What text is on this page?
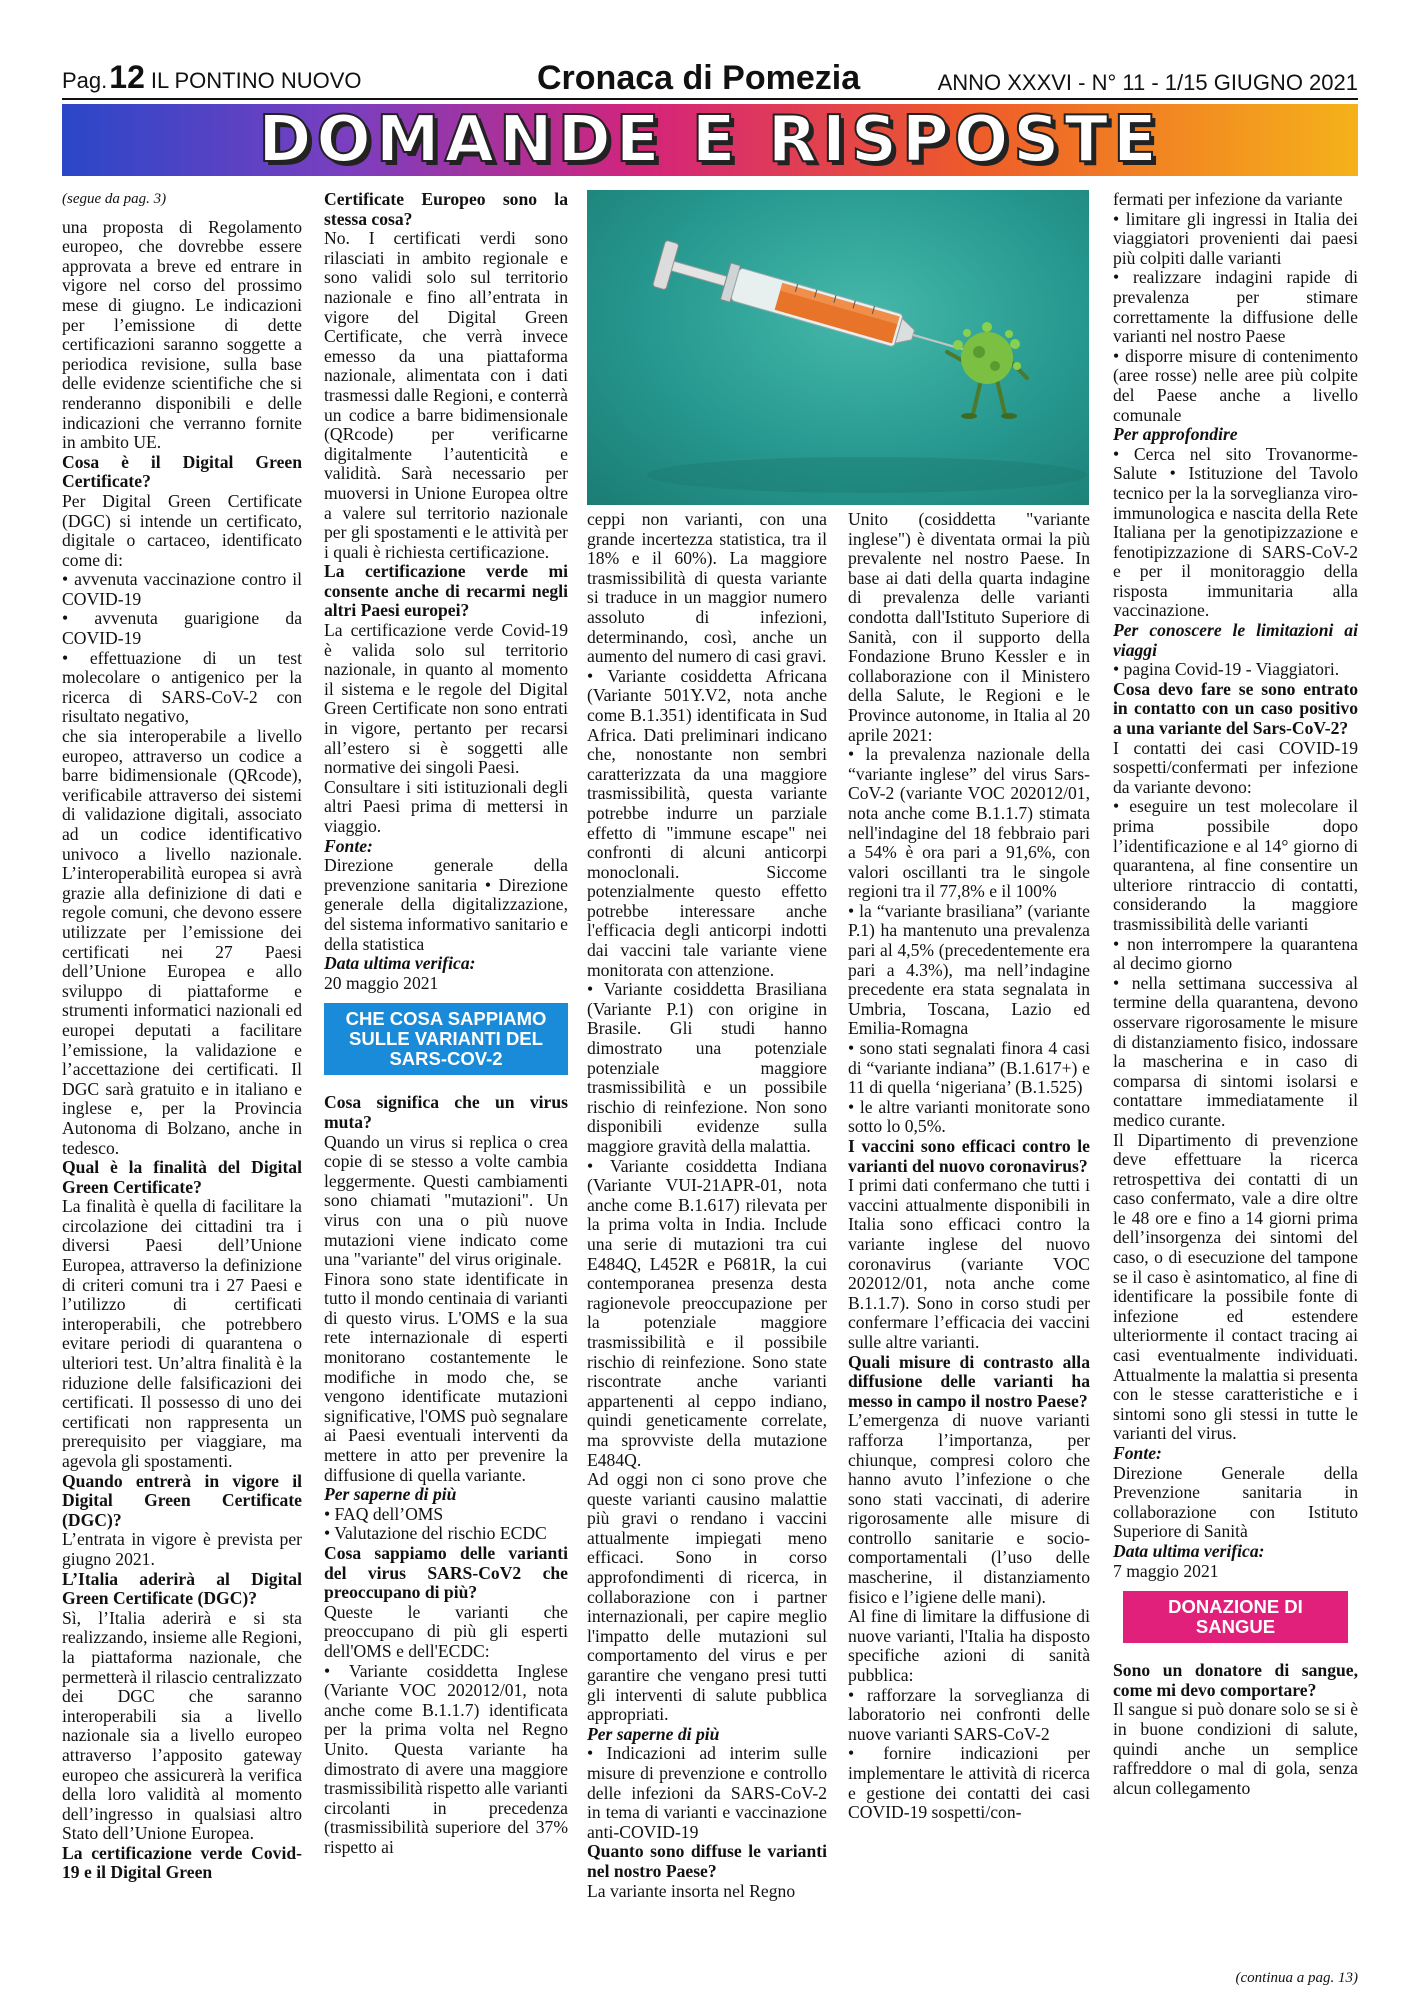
Pag.12 IL PONTINO NUOVO	Cronaca di Pomezia	ANNO XXXVI - N° 11 - 1/15 GIUGNO 2021
DOMANDE E RISPOSTE

(segue da pag. 3)

una proposta di Regolamento europeo, che dovrebbe essere approvata a breve ed entrare in vigore nel corso del prossimo mese di giugno. Le indicazioni per l’emissione di dette certificazioni saranno soggette a periodica revisione, sulla base delle evidenze scientifiche che si renderanno disponibili e delle indicazioni che verranno fornite in ambito UE.

Cosa è il Digital Green Certificate?

Per Digital Green Certificate (DGC) si intende un certificato, digitale o cartaceo, identificato come di:

• avvenuta vaccinazione contro il COVID-19

• avvenuta guarigione da COVID-19

• effettuazione di un test molecolare o antigenico per la ricerca di SARS-CoV-2 con risultato negativo,

che sia interoperabile a livello europeo, attraverso un codice a barre bidimensionale (QRcode), verificabile attraverso dei sistemi di validazione digitali, associato ad un codice identificativo univoco a livello nazionale. L’interoperabilità europea si avrà grazie alla definizione di dati e regole comuni, che devono essere utilizzate per l’emissione dei certificati nei 27 Paesi dell’Unione Europea e allo sviluppo di piattaforme e strumenti informatici nazionali ed europei deputati a facilitare l’emissione, la validazione e l’accettazione dei certificati. Il DGC sarà gratuito e in italiano e inglese e, per la Provincia Autonoma di Bolzano, anche in tedesco.

Qual è la finalità del Digital Green Certificate?

La finalità è quella di facilitare la circolazione dei cittadini tra i diversi Paesi dell’Unione Europea, attraverso la definizione di criteri comuni tra i 27 Paesi e l’utilizzo di certificati interoperabili, che potrebbero evitare periodi di quarantena o ulteriori test. Un’altra finalità è la riduzione delle falsificazioni dei certificati. Il possesso di uno dei certificati non rappresenta un prerequisito per viaggiare, ma agevola gli spostamenti.

Quando entrerà in vigore il Digital Green Certificate (DGC)?

L’entrata in vigore è prevista per giugno 2021.

L’Italia aderirà al Digital Green Certificate (DGC)?

Sì, l’Italia aderirà e si sta realizzando, insieme alle Regioni, la piattaforma nazionale, che permetterà il rilascio centralizzato dei DGC che saranno interoperabili sia a livello nazionale sia a livello europeo attraverso l’apposito gateway europeo che assicurerà la verifica della loro validità al momento dell’ingresso in qualsiasi altro Stato dell’Unione Europea.

La certificazione verde Covid-19 e il Digital Green

Certificate Europeo sono la stessa cosa?

No. I certificati verdi sono rilasciati in ambito regionale e sono validi solo sul territorio nazionale e fino all’entrata in vigore del Digital Green Certificate, che verrà invece emesso da una piattaforma nazionale, alimentata con i dati trasmessi dalle Regioni, e conterrà un codice a barre bidimensionale (QRcode) per verificarne digitalmente l’autenticità e validità. Sarà necessario per muoversi in Unione Europea oltre a valere sul territorio nazionale per gli spostamenti e le attività per i quali è richiesta certificazione.

La certificazione verde mi consente anche di recarmi negli altri Paesi europei?

La certificazione verde Covid-19 è valida solo sul territorio nazionale, in quanto al momento il sistema e le regole del Digital Green Certificate non sono entrati in vigore, pertanto per recarsi all’estero si è soggetti alle normative dei singoli Paesi.

Consultare i siti istituzionali degli altri Paesi prima di mettersi in viaggio.

Fonte:

Direzione generale della prevenzione sanitaria • Direzione generale della digitalizzazione, del sistema informativo sanitario e della statistica

Data ultima verifica:

20 maggio 2021

CHE COSA SAPPIAMO SULLE VARIANTI DEL SARS-COV-2

Cosa significa che un virus muta?

Quando un virus si replica o crea copie di se stesso a volte cambia leggermente. Questi cambiamenti sono chiamati "mutazioni". Un virus con una o più nuove mutazioni viene indicato come una "variante" del virus originale.

Finora sono state identificate in tutto il mondo centinaia di varianti di questo virus. L'OMS e la sua rete internazionale di esperti monitorano costantemente le modifiche in modo che, se vengono identificate mutazioni significative, l'OMS può segnalare ai Paesi eventuali interventi da mettere in atto per prevenire la diffusione di quella variante.

Per saperne di più

• FAQ dell’OMS

• Valutazione del rischio ECDC

Cosa sappiamo delle varianti del virus SARS-CoV2 che preoccupano di più?

Queste le varianti che preoccupano di più gli esperti dell'OMS e dell'ECDC:

• Variante cosiddetta Inglese (Variante VOC 202012/01, nota anche come B.1.1.7) identificata per la prima volta nel Regno Unito. Questa variante ha dimostrato di avere una maggiore trasmissibilità rispetto alle varianti circolanti in precedenza (trasmissibilità superiore del 37% rispetto ai

ceppi non varianti, con una grande incertezza statistica, tra il 18% e il 60%). La maggiore trasmissibilità di questa variante si traduce in un maggior numero assoluto di infezioni, determinando, così, anche un aumento del numero di casi gravi.

• Variante cosiddetta Africana (Variante 501Y.V2, nota anche come B.1.351) identificata in Sud Africa. Dati preliminari indicano che, nonostante non sembri caratterizzata da una maggiore trasmissibilità, questa variante potrebbe indurre un parziale effetto di "immune escape" nei confronti di alcuni anticorpi monoclonali. Siccome potenzialmente questo effetto potrebbe interessare anche l'efficacia degli anticorpi indotti dai vaccini tale variante viene monitorata con attenzione.

• Variante cosiddetta Brasiliana (Variante P.1) con origine in Brasile. Gli studi hanno dimostrato una potenziale potenziale maggiore trasmissibilità e un possibile rischio di reinfezione. Non sono disponibili evidenze sulla maggiore gravità della malattia.

• Variante cosiddetta Indiana (Variante VUI-21APR-01, nota anche come B.1.617) rilevata per la prima volta in India. Include una serie di mutazioni tra cui E484Q, L452R e P681R, la cui contemporanea presenza desta ragionevole preoccupazione per la potenziale maggiore trasmissibilità e il possibile rischio di reinfezione. Sono state riscontrate anche varianti appartenenti al ceppo indiano, quindi geneticamente correlate, ma sprovviste della mutazione E484Q.

Ad oggi non ci sono prove che queste varianti causino malattie più gravi o rendano i vaccini attualmente impiegati meno efficaci. Sono in corso approfondimenti di ricerca, in collaborazione con i partner internazionali, per capire meglio l'impatto delle mutazioni sul comportamento del virus e per garantire che vengano presi tutti gli interventi di salute pubblica appropriati.

Per saperne di più

• Indicazioni ad interim sulle misure di prevenzione e controllo delle infezioni da SARS-CoV-2 in tema di varianti e vaccinazione anti-COVID-19

Quanto sono diffuse le varianti nel nostro Paese?

La variante insorta nel Regno

Unito (cosiddetta "variante inglese") è diventata ormai la più prevalente nel nostro Paese. In base ai dati della quarta indagine di prevalenza delle varianti condotta dall'Istituto Superiore di Sanità, con il supporto della Fondazione Bruno Kessler e in collaborazione con il Ministero della Salute, le Regioni e le Province autonome, in Italia al 20 aprile 2021:

• la prevalenza nazionale della “variante inglese” del virus Sars-CoV-2 (variante VOC 202012/01, nota anche come B.1.1.7) stimata nell'indagine del 18 febbraio pari a 54% è ora pari a 91,6%, con valori oscillanti tra le singole regioni tra il 77,8% e il 100%

• la “variante brasiliana” (variante P.1) ha mantenuto una prevalenza pari al 4,5% (precedentemente era pari a 4.3%), ma nell’indagine precedente era stata segnalata in Umbria, Toscana, Lazio ed Emilia-Romagna

• sono stati segnalati finora 4 casi di “variante indiana” (B.1.617+) e 11 di quella ‘nigeriana’ (B.1.525)

• le altre varianti monitorate sono sotto lo 0,5%.

I vaccini sono efficaci contro le varianti del nuovo coronavirus?

I primi dati confermano che tutti i vaccini attualmente disponibili in Italia sono efficaci contro la variante inglese del nuovo coronavirus (variante VOC 202012/01, nota anche come B.1.1.7). Sono in corso studi per confermare l’efficacia dei vaccini sulle altre varianti.

Quali misure di contrasto alla diffusione delle varianti ha messo in campo il nostro Paese?

L’emergenza di nuove varianti rafforza l’importanza, per chiunque, compresi coloro che hanno avuto l’infezione o che sono stati vaccinati, di aderire rigorosamente alle misure di controllo sanitarie e socio-comportamentali (l’uso delle mascherine, il distanziamento fisico e l’igiene delle mani).

Al fine di limitare la diffusione di nuove varianti, l'Italia ha disposto specifiche azioni di sanità pubblica:

• rafforzare la sorveglianza di laboratorio nei confronti delle nuove varianti SARS-CoV-2

• fornire indicazioni per implementare le attività di ricerca e gestione dei contatti dei casi COVID-19 sospetti/con-

fermati per infezione da variante

• limitare gli ingressi in Italia dei viaggiatori provenienti dai paesi più colpiti dalle varianti

• realizzare indagini rapide di prevalenza per stimare correttamente la diffusione delle varianti nel nostro Paese

• disporre misure di contenimento (aree rosse) nelle aree più colpite del Paese anche a livello comunale

Per approfondire

• Cerca nel sito Trovanorme-Salute • Istituzione del Tavolo tecnico per la la sorveglianza viro-immunologica e nascita della Rete Italiana per la genotipizzazione e fenotipizzazione di SARS-CoV-2 e per il monitoraggio della risposta immunitaria alla vaccinazione.

Per conoscere le limitazioni ai viaggi

• pagina Covid-19 - Viaggiatori.

Cosa devo fare se sono entrato in contatto con un caso positivo a una variante del Sars-CoV-2?

I contatti dei casi COVID-19 sospetti/confermati per infezione da variante devono:

• eseguire un test molecolare il prima possibile dopo l’identificazione e al 14° giorno di quarantena, al fine consentire un ulteriore rintraccio di contatti, considerando la maggiore trasmissibilità delle varianti

• non interrompere la quarantena al decimo giorno

• nella settimana successiva al termine della quarantena, devono osservare rigorosamente le misure di distanziamento fisico, indossare la mascherina e in caso di comparsa di sintomi isolarsi e contattare immediatamente il medico curante.

Il Dipartimento di prevenzione deve effettuare la ricerca retrospettiva dei contatti di un caso confermato, vale a dire oltre le 48 ore e fino a 14 giorni prima dell’insorgenza dei sintomi del caso, o di esecuzione del tampone se il caso è asintomatico, al fine di identificare la possibile fonte di infezione ed estendere ulteriormente il contact tracing ai casi eventualmente individuati. Attualmente la malattia si presenta con le stesse caratteristiche e i sintomi sono gli stessi in tutte le varianti del virus.

Fonte:

Direzione Generale della Prevenzione sanitaria in collaborazione con Istituto Superiore di Sanità

Data ultima verifica:

7 maggio 2021

DONAZIONE DI SANGUE

Sono un donatore di sangue, come mi devo comportare?

Il sangue si può donare solo se si è in buone condizioni di salute, quindi anche un semplice raffreddore o mal di gola, senza alcun collegamento

(continua a pag. 13)
